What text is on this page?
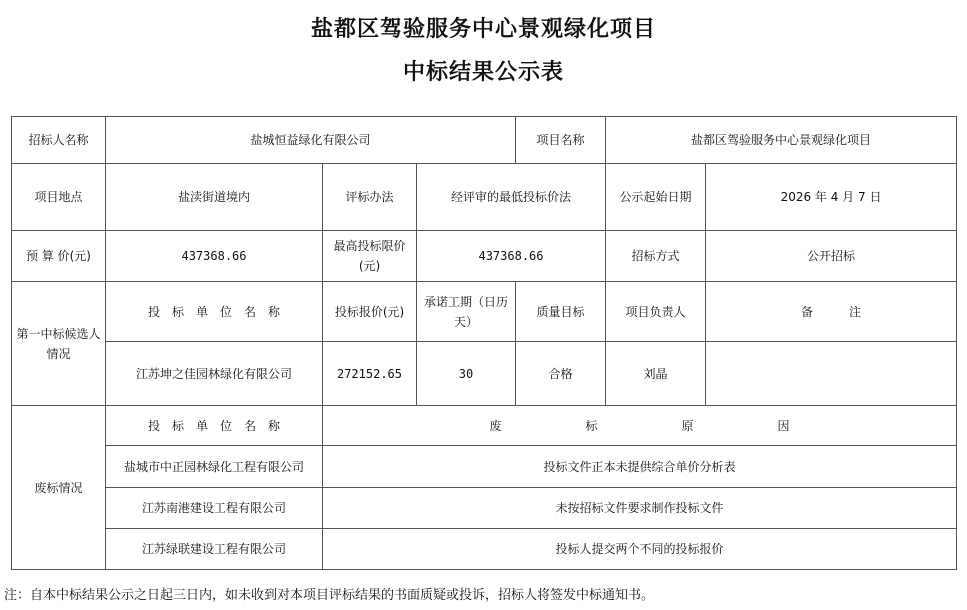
盐都区驾验服务中心景观绿化项目
中标结果公示表
招标人名称	盐城恒益绿化有限公司			项目名称	盐都区驾验服务中心景观绿化项目	
项目地点	盐渎街道境内	评标办法	经评审的最低投标价法		公示起始日期	2026 年 4 月 7 日
预 算 价(元)	437368.66	最高投标限价(元)	437368.66		招标方式	公开招标
第一中标候选人情况	投　标　单　位　名　称	投标报价(元)	承诺工期（日历天）	质量目标	项目负责人	备　　　注
	江苏坤之佳园林绿化有限公司	272152.65	30	合格	刘晶	
废标情况	投　标　单　位　名　称	废　　　　　　　标　　　　　　　原　　　　　　　因				
	盐城市中正园林绿化工程有限公司	投标文件正本未提供综合单价分析表				
	江苏南港建设工程有限公司	未按招标文件要求制作投标文件				
	江苏绿联建设工程有限公司	投标人提交两个不同的投标报价				
注：自本中标结果公示之日起三日内，如未收到对本项目评标结果的书面质疑或投诉，招标人将签发中标通知书。
